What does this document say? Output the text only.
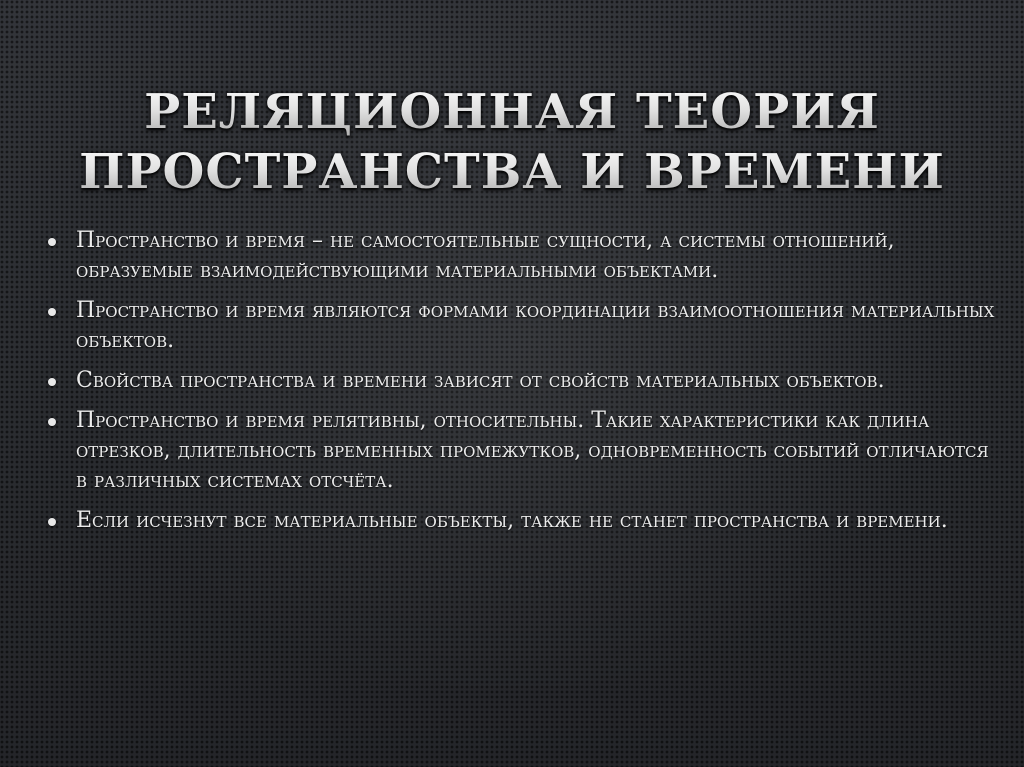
РЕЛЯЦИОННАЯ ТЕОРИЯ
ПРОСТРАНСТВА И ВРЕМЕНИ
Пространство и время – не самостоятельные сущности, а системы отношений, образуемые взаимодействующими материальными объектами.
Пространство и время являются формами координации взаимоотношения материальных объектов.
Свойства пространства и времени зависят от свойств материальных объектов.
Пространство и время релятивны, относительны. Такие характеристики как длина отрезков, длительность временных промежутков, одновременность событий отличаются в различных системах отсчёта.
Если исчезнут все материальные объекты, также не станет пространства и времени.
